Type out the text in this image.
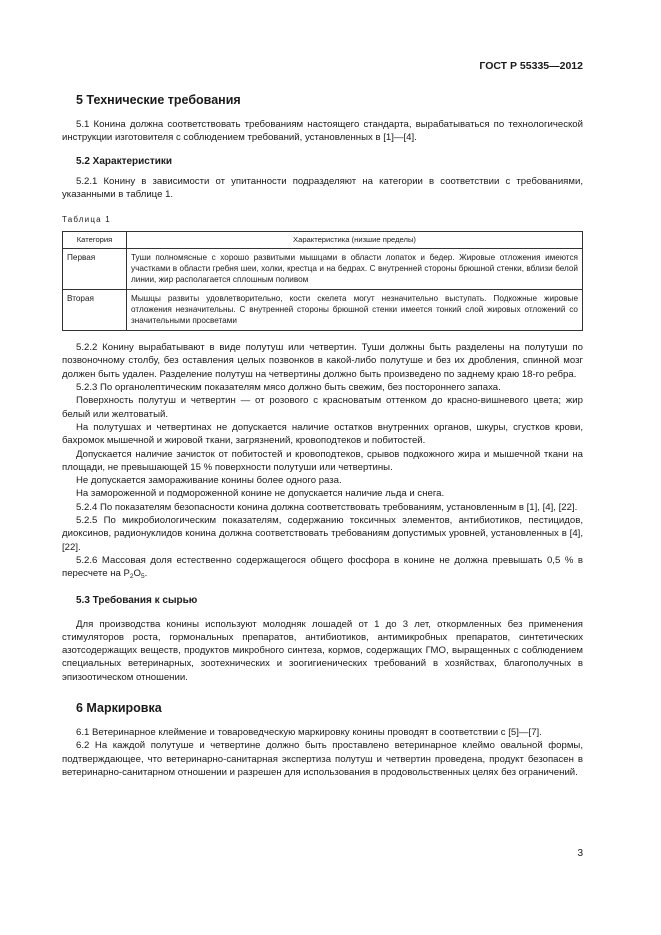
ГОСТ Р 55335—2012
5 Технические требования

5.1 Конина должна соответствовать требованиям настоящего стандарта, вырабатываться по технологической инструкции изготовителя с соблюдением требований, установленных в [1]—[4].

5.2 Характеристики

5.2.1 Конину в зависимости от упитанности подразделяют на категории в соответствии с требованиями, указанными в таблице 1.

Таблица 1
Категория	Характеристика (низшие пределы)
Первая	Туши полномясные с хорошо развитыми мышцами в области лопаток и бедер. Жировые отложения имеются участками в области гребня шеи, холки, крестца и на бедрах. С внутренней стороны брюшной стенки, вблизи белой линии, жир располагается сплошным поливом
Вторая	Мышцы развиты удовлетворительно, кости скелета могут незначительно выступать. Подкожные жировые отложения незначительны. С внутренней стороны брюшной стенки имеется тонкий слой жировых отложений со значительными просветами

5.2.2 Конину вырабатывают в виде полутуш или четвертин. Туши должны быть разделены на полутуши по позвоночному столбу, без оставления целых позвонков в какой-либо полутуше и без их дробления, спинной мозг должен быть удален. Разделение полутуш на четвертины должно быть произведено по заднему краю 18-го ребра.

5.2.3 По органолептическим показателям мясо должно быть свежим, без постороннего запаха.

Поверхность полутуш и четвертин — от розового с красноватым оттенком до красно-вишневого цвета; жир белый или желтоватый.

На полутушах и четвертинах не допускается наличие остатков внутренних органов, шкуры, сгустков крови, бахромок мышечной и жировой ткани, загрязнений, кровоподтеков и побитостей.

Допускается наличие зачисток от побитостей и кровоподтеков, срывов подкожного жира и мышечной ткани на площади, не превышающей 15 % поверхности полутуши или четвертины.

Не допускается замораживание конины более одного раза.

На замороженной и подмороженной конине не допускается наличие льда и снега.

5.2.4 По показателям безопасности конина должна соответствовать требованиям, установленным в [1], [4], [22].

5.2.5 По микробиологическим показателям, содержанию токсичных элементов, антибиотиков, пестицидов, диоксинов, радионуклидов конина должна соответствовать требованиям допустимых уровней, установленных в [4], [22].

5.2.6 Массовая доля естественно содержащегося общего фосфора в конине не должна превышать 0,5 % в пересчете на $P_2O_5$.

5.3 Требования к сырью

Для производства конины используют молодняк лошадей от 1 до 3 лет, откормленных без применения стимуляторов роста, гормональных препаратов, антибиотиков, антимикробных препаратов, синтетических азотсодержащих веществ, продуктов микробного синтеза, кормов, содержащих ГМО, выращенных с соблюдением специальных ветеринарных, зоотехнических и зоогигиенических требований в хозяйствах, благополучных в эпизоотическом отношении.

6 Маркировка

6.1 Ветеринарное клеймение и товароведческую маркировку конины проводят в соответствии с [5]—[7].

6.2 На каждой полутуше и четвертине должно быть проставлено ветеринарное клеймо овальной формы, подтверждающее, что ветеринарно-санитарная экспертиза полутуш и четвертин проведена, продукт безопасен в ветеринарно-санитарном отношении и разрешен для использования в продовольственных целях без ограничений.

3
